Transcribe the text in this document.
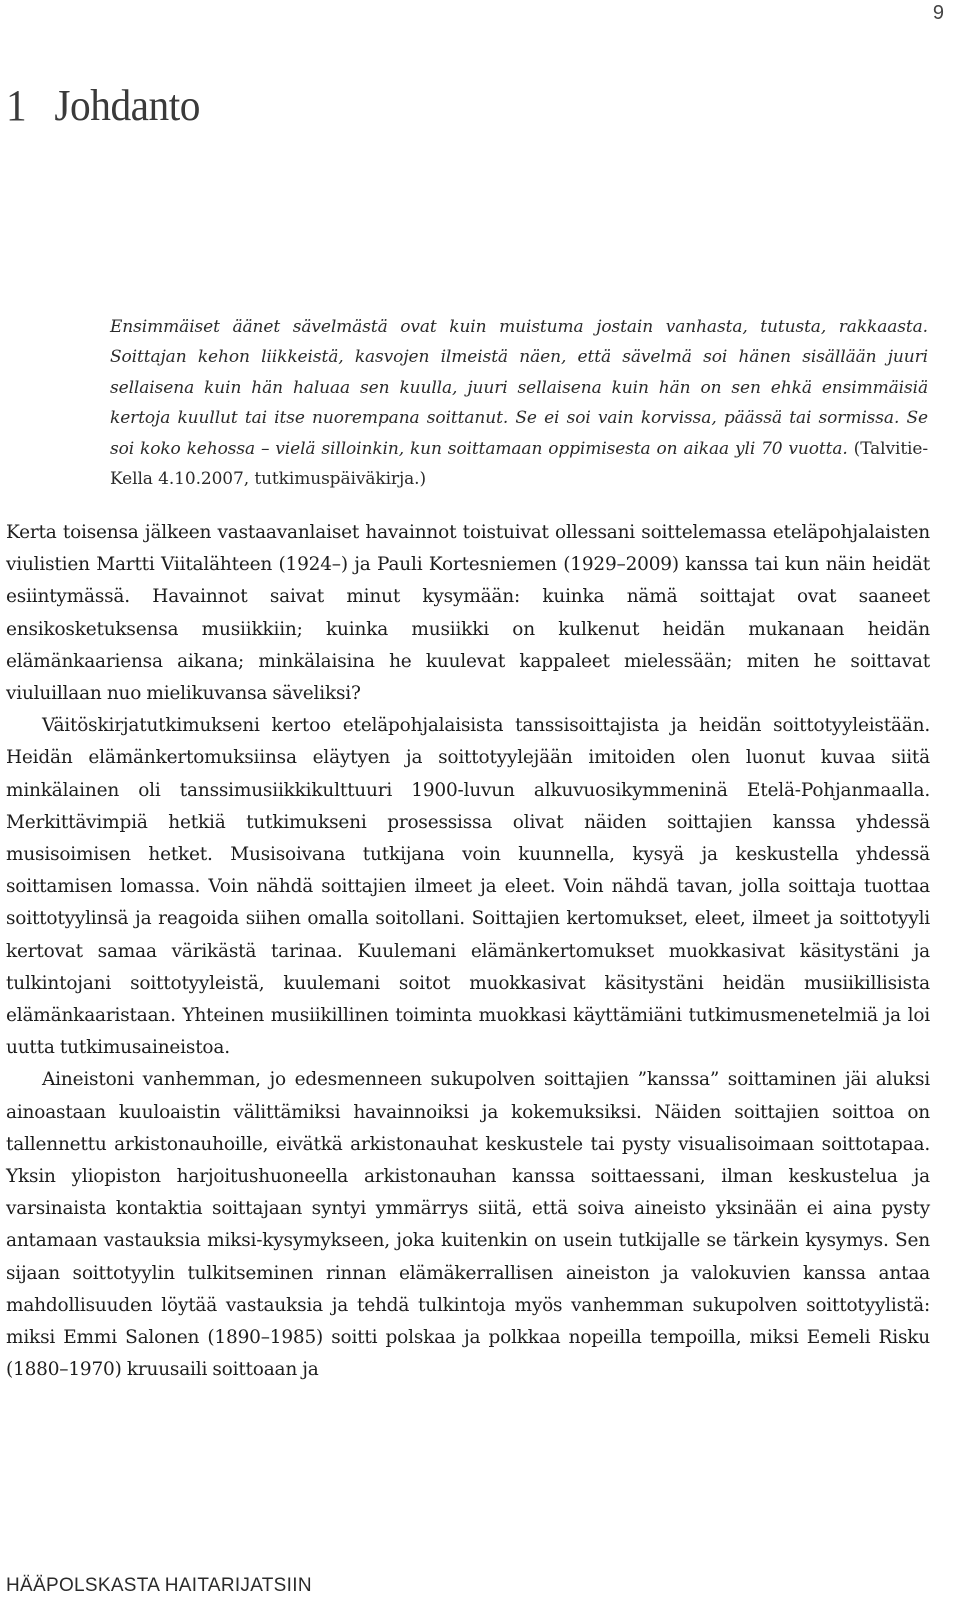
9
1 Johdanto

Ensimmäiset äänet sävelmästä ovat kuin muistuma jostain vanhasta, tutusta, rakkaasta. Soittajan kehon liikkeistä, kasvojen ilmeistä näen, että sävelmä soi hänen sisällään juuri sellaisena kuin hän haluaa sen kuulla, juuri sellaisena kuin hän on sen ehkä ensimmäisiä kertoja kuullut tai itse nuorempana soittanut. Se ei soi vain korvissa, päässä tai sormissa. Se soi koko kehossa – vielä silloinkin, kun soittamaan oppimisesta on aikaa yli 70 vuotta. (Talvitie-Kella 4.10.2007, tutkimuspäiväkirja.)

Kerta toisensa jälkeen vastaavanlaiset havainnot toistuivat ollessani soittelemassa eteläpohjalaisten viulistien Martti Viitalähteen (1924–) ja Pauli Kortesniemen (1929–2009) kanssa tai kun näin heidät esiintymässä. Havainnot saivat minut kysymään: kuinka nämä soittajat ovat saaneet ensikosketuksensa musiikkiin; kuinka musiikki on kulkenut heidän mukanaan heidän elämänkaariensa aikana; minkälaisina he kuulevat kappaleet mielessään; miten he soittavat viuluillaan nuo mielikuvansa säveliksi?

Väitöskirjatutkimukseni kertoo eteläpohjalaisista tanssisoittajista ja heidän soittotyyleistään. Heidän elämänkertomuksiinsa eläytyen ja soittotyylejään imitoiden olen luonut kuvaa siitä minkälainen oli tanssimusiikkikulttuuri 1900-luvun alkuvuosikymmeninä Etelä-Pohjanmaalla. Merkittävimpiä hetkiä tutkimukseni prosessissa olivat näiden soittajien kanssa yhdessä musisoimisen hetket. Musisoivana tutkijana voin kuunnella, kysyä ja keskustella yhdessä soittamisen lomassa. Voin nähdä soittajien ilmeet ja eleet. Voin nähdä tavan, jolla soittaja tuottaa soittotyylinsä ja reagoida siihen omalla soitollani. Soittajien kertomukset, eleet, ilmeet ja soittotyyli kertovat samaa värikästä tarinaa. Kuulemani elämänkertomukset muokkasivat käsitystäni ja tulkintojani soittotyyleistä, kuulemani soitot muokkasivat käsitystäni heidän musiikillisista elämänkaaristaan. Yhteinen musiikillinen toiminta muokkasi käyttämiäni tutkimusmenetelmiä ja loi uutta tutkimusaineistoa.

Aineistoni vanhemman, jo edesmenneen sukupolven soittajien ”kanssa” soittaminen jäi aluksi ainoastaan kuuloaistin välittämiksi havainnoiksi ja kokemuksiksi. Näiden soittajien soittoa on tallennettu arkistonauhoille, eivätkä arkistonauhat keskustele tai pysty visualisoimaan soittotapaa. Yksin yliopiston harjoitushuoneella arkistonauhan kanssa soittaessani, ilman keskustelua ja varsinaista kontaktia soittajaan syntyi ymmärrys siitä, että soiva aineisto yksinään ei aina pysty antamaan vastauksia miksi-kysymykseen, joka kuitenkin on usein tutkijalle se tärkein kysymys. Sen sijaan soittotyylin tulkitseminen rinnan elämäkerrallisen aineiston ja valokuvien kanssa antaa mahdollisuuden löytää vastauksia ja tehdä tulkintoja myös vanhemman sukupolven soittotyylistä: miksi Emmi Salonen (1890–1985) soitti polskaa ja polkkaa nopeilla tempoilla, miksi Eemeli Risku (1880–1970) kruusaili soittoaan ja

HÄÄPOLSKASTA HAITARIJATSIIN
